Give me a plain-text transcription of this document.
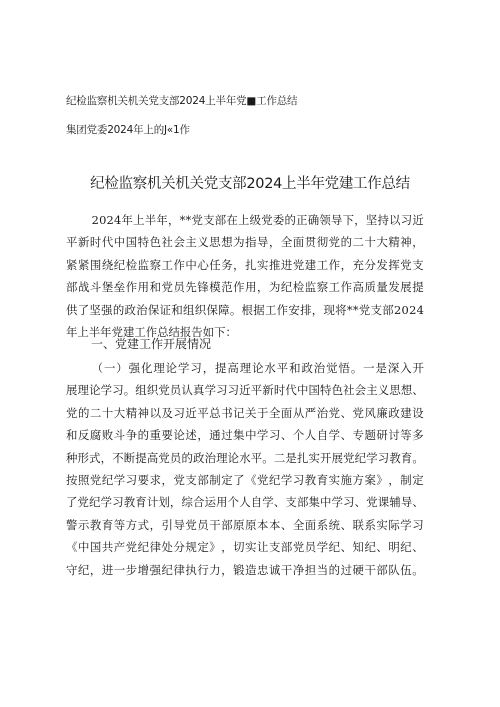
纪检监察机关机关党支部2024上半年党■工作总结
集团党委2024年上的J«1作
纪检监察机关机关党支部2024上半年党建工作总结
2 0 2 4 年 上 半 年 ， * * 党 支 部 在 上 级 党 委 的 正 确 领 导 下 ， 坚 持 以 习 近
平 新 时 代 中 国 特 色 社 会 主 义 思 想 为 指 导 ， 全 面 贯 彻 党 的 二 十 大 精 神 ，
紧 紧 围 绕 纪 检 监 察 工 作 中 心 任 务 ， 扎 实 推 进 党 建 工 作 ， 充 分 发 挥 党 支
部 战 斗 堡 垒 作 用 和 党 员 先 锋 模 范 作 用 ， 为 纪 检 监 察 工 作 高 质 量 发 展 提
供 了 坚 强 的 政 治 保 证 和 组 织 保 障 。 根 据 工 作 安 排 ， 现 将 * * 党 支 部 2 0 2 4
年上半年党建工作总结报告如下：
一、党建工作开展情况
（ 一 ） 强 化 理 论 学 习 ， 提 高 理 论 水 平 和 政 治 觉 悟 。 一 是 深 入 开
展 理 论 学 习 。 组 织 党 员 认 真 学 习 习 近 平 新 时 代 中 国 特 色 社 会 主 义 思 想 、
党 的 二 十 大 精 神 以 及 习 近 平 总 书 记 关 于 全 面 从 严 治 党 、 党 风 廉 政 建 设
和 反 腐 败 斗 争 的 重 要 论 述 ， 通 过 集 中 学 习 、 个 人 自 学 、 专 题 研 讨 等 多
种 形 式 ， 不 断 提 高 党 员 的 政 治 理 论 水 平 。 二 是 扎 实 开 展 党 纪 学 习 教 育 。
按 照 党 纪 学 习 要 求 ， 党 支 部 制 定 了 《 党 纪 学 习 教 育 实 施 方 案 》 ， 制 定
了 党 纪 学 习 教 育 计 划 ， 综 合 运 用 个 人 自 学 、 支 部 集 中 学 习 、 党 课 辅 导 、
警 示 教 育 等 方 式 ， 引 导 党 员 干 部 原 原 本 本 、 全 面 系 统 、 联 系 实 际 学 习
《 中 国 共 产 党 纪 律 处 分 规 定 》 ， 切 实 让 支 部 党 员 学 纪 、 知 纪 、 明 纪 、
守 纪 ， 进 一 步 增 强 纪 律 执 行 力 ， 锻 造 忠 诚 干 净 担 当 的 过 硬 干 部 队 伍 。
